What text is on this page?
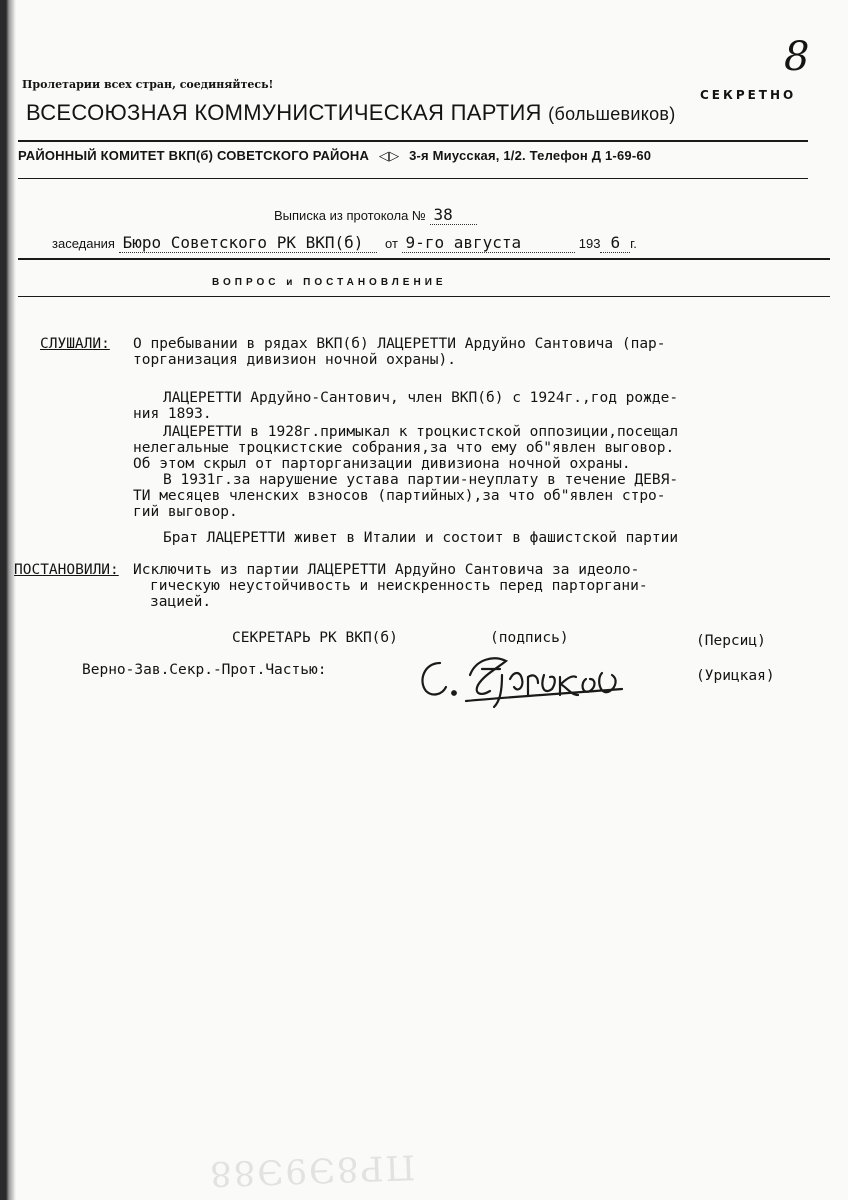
8
Пролетарии всех стран, соединяйтесь!
СЕКРЕТНО
ВСЕСОЮЗНАЯ КОММУНИСТИЧЕСКАЯ ПАРТИЯ (большевиков)
РАЙОННЫЙ КОМИТЕТ ВКП(б) СОВЕТСКОГО РАЙОНА ◁▷ 3-я Миусская, 1/2. Телефон Д 1-69-60
Выписка из протокола № 38
заседания Бюро Советского РК ВКП(б) от 9-го августа	193 6 г.
ВОПРОС и ПОСТАНОВЛЕНИЕ
СЛУШАЛИ: О пребывании в рядах ВКП(б) ЛАЦЕРЕТТИ Ардуйно Сантовича (пар-
торганизация дивизион ночной охраны).
ЛАЦЕРЕТТИ Ардуйно-Сантович, член ВКП(б) с 1924г.,год рожде-
ния 1893.
ЛАЦЕРЕТТИ в 1928г.примыкал к троцкистской оппозиции,посещал
нелегальные троцкистские собрания,за что ему об"явлен выговор.
Об этом скрыл от парторганизации дивизиона ночной охраны.
В 1931г.за нарушение устава партии-неуплату в течение ДЕВЯ-
ТИ месяцев членских взносов (партийных),за что об"явлен стро-
гий выговор.
Брат ЛАЦЕРЕТТИ живет в Италии и состоит в фашистской партии
ПОСТАНОВИЛИ: Исключить из партии ЛАЦЕРЕТТИ Ардуйно Сантовича за идеоло-
гическую неустойчивость и неискренность перед парторгани-
зацией.
СЕКРЕТАРЬ РК ВКП(б)	(подпись)	(Персиц)
Верно-Зав.Секр.-Прот.Частью:	(Урицкая)
ПР8Э9Э88
